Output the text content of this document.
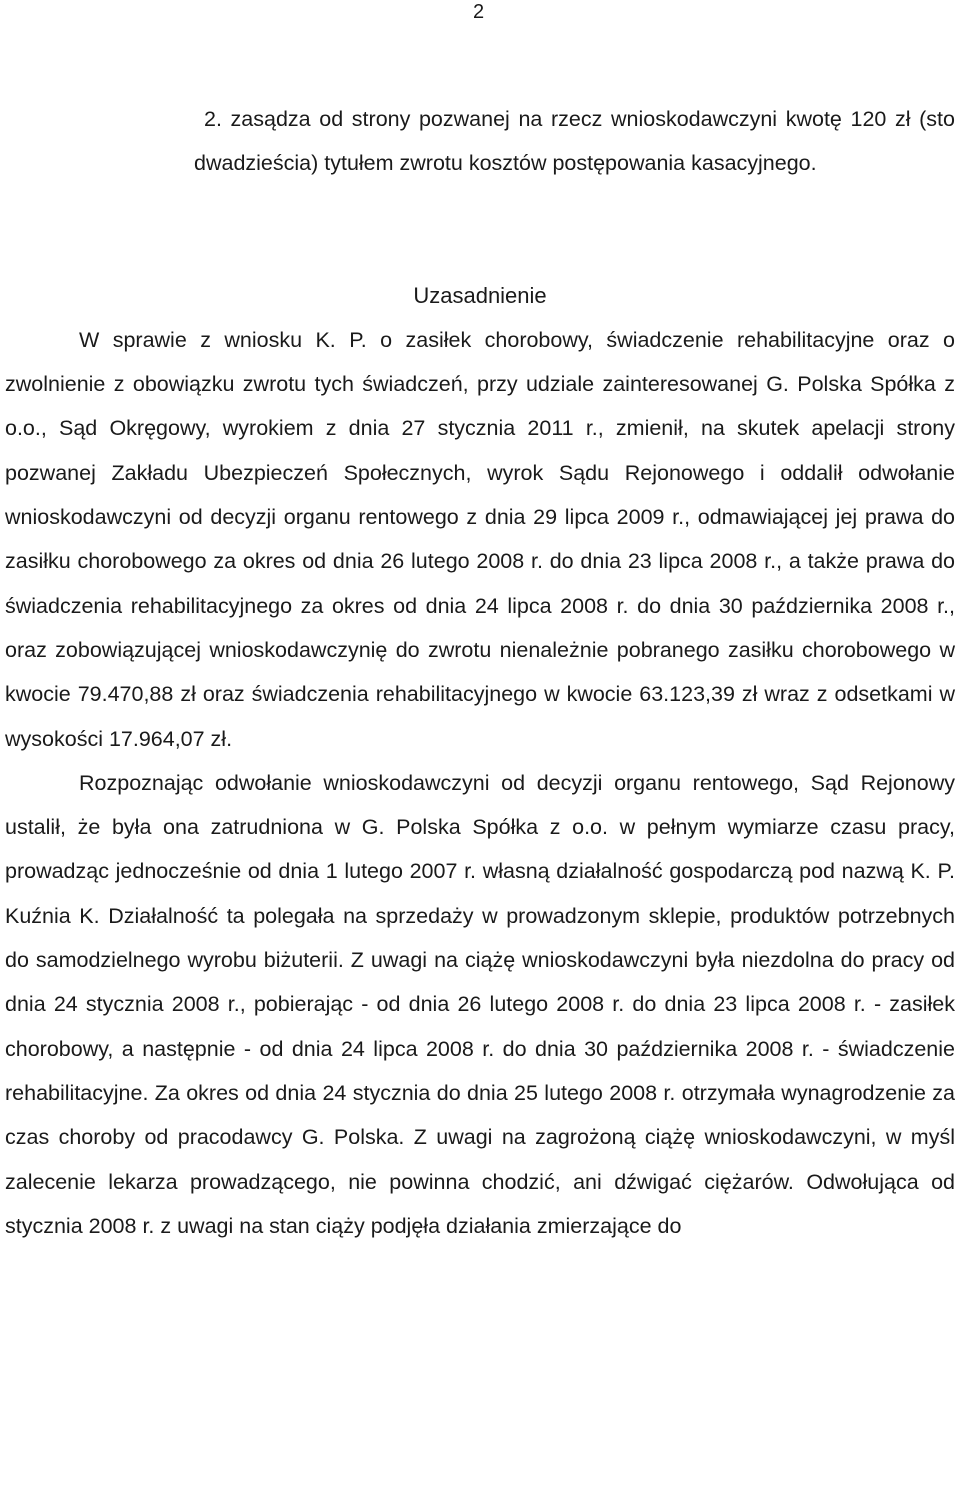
2

2. zasądza od strony pozwanej na rzecz wnioskodawczyni kwotę 120 zł (sto dwadzieścia) tytułem zwrotu kosztów postępowania kasacyjnego.

Uzasadnienie

W sprawie z wniosku K. P. o zasiłek chorobowy, świadczenie rehabilitacyjne oraz o zwolnienie z obowiązku zwrotu tych świadczeń, przy udziale zainteresowanej G. Polska Spółka z o.o., Sąd Okręgowy, wyrokiem z dnia 27 stycznia 2011 r., zmienił, na skutek apelacji strony pozwanej Zakładu Ubezpieczeń Społecznych, wyrok Sądu Rejonowego i oddalił odwołanie wnioskodawczyni od decyzji organu rentowego z dnia 29 lipca 2009 r., odmawiającej jej prawa do zasiłku chorobowego za okres od dnia 26 lutego 2008 r. do dnia 23 lipca 2008 r., a także prawa do świadczenia rehabilitacyjnego za okres od dnia 24 lipca 2008 r. do dnia 30 października 2008 r., oraz zobowiązującej wnioskodawczynię do zwrotu nienależnie pobranego zasiłku chorobowego w kwocie 79.470,88 zł oraz świadczenia rehabilitacyjnego w kwocie 63.123,39 zł wraz z odsetkami w wysokości 17.964,07 zł.

Rozpoznając odwołanie wnioskodawczyni od decyzji organu rentowego, Sąd Rejonowy ustalił, że była ona zatrudniona w G. Polska Spółka z o.o. w pełnym wymiarze czasu pracy, prowadząc jednocześnie od dnia 1 lutego 2007 r. własną działalność gospodarczą pod nazwą K. P. Kuźnia K. Działalność ta polegała na sprzedaży w prowadzonym sklepie, produktów potrzebnych do samodzielnego wyrobu biżuterii. Z uwagi na ciążę wnioskodawczyni była niezdolna do pracy od dnia 24 stycznia 2008 r., pobierając - od dnia 26 lutego 2008 r. do dnia 23 lipca 2008 r. - zasiłek chorobowy, a następnie - od dnia 24 lipca 2008 r. do dnia 30 października 2008 r. - świadczenie rehabilitacyjne. Za okres od dnia 24 stycznia do dnia 25 lutego 2008 r. otrzymała wynagrodzenie za czas choroby od pracodawcy G. Polska. Z uwagi na zagrożoną ciążę wnioskodawczyni, w myśl zalecenie lekarza prowadzącego, nie powinna chodzić, ani dźwigać ciężarów. Odwołująca od stycznia 2008 r. z uwagi na stan ciąży podjęła działania zmierzające do
